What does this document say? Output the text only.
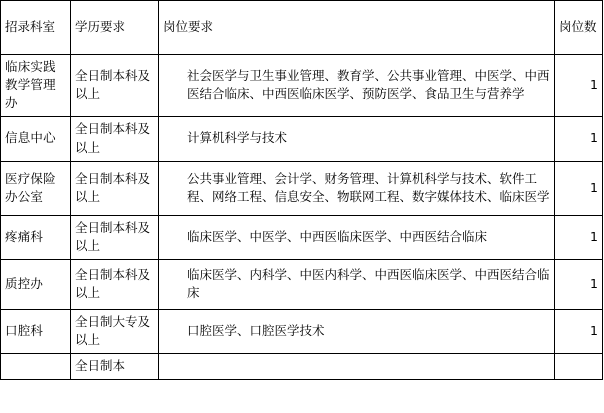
招录科室	学历要求	岗位要求	岗位数
临床实践教学管理办	全日制本科及以上	社会医学与卫生事业管理、教育学、公共事业管理、中医学、中西医结合临床、中西医临床医学、预防医学、食品卫生与营养学	1
信息中心	全日制本科及以上	计算机科学与技术	1
医疗保险办公室	全日制本科及以上	公共事业管理、会计学、财务管理、计算机科学与技术、软件工程、网络工程、信息安全、物联网工程、数字媒体技术、临床医学	1
疼痛科	全日制本科及以上	临床医学、中医学、中西医临床医学、中西医结合临床	1
质控办	全日制本科及以上	临床医学、内科学、中医内科学、中西医临床医学、中西医结合临床	1
口腔科	全日制大专及以上	口腔医学、口腔医学技术	1
	全日制本		
